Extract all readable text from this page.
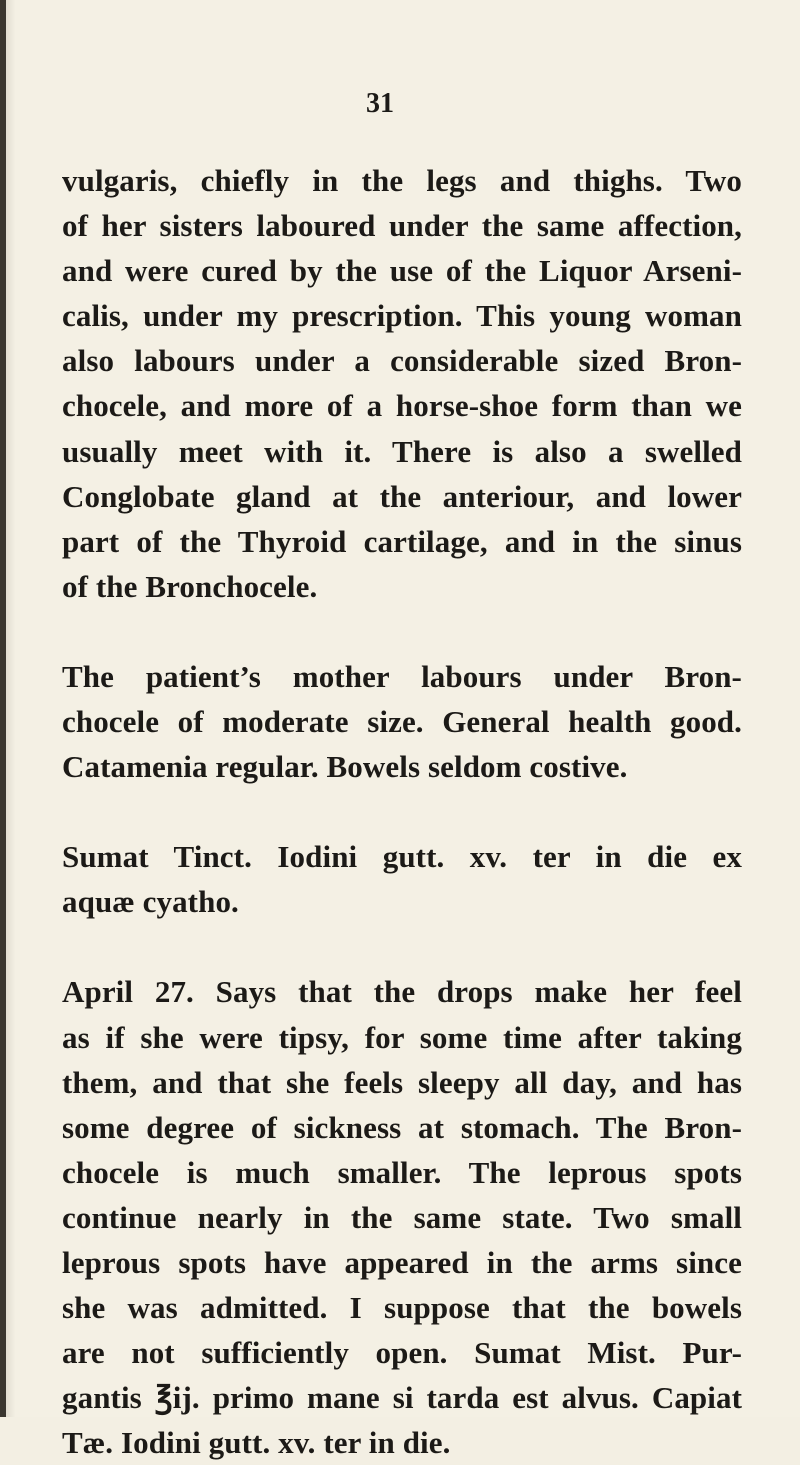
31

vulgaris, chiefly in the legs and thighs. Two
of her sisters laboured under the same affection,
and were cured by the use of the Liquor Arseni-
calis, under my prescription. This young woman
also labours under a considerable sized Bron-
chocele, and more of a horse-shoe form than we
usually meet with it. There is also a swelled
Conglobate gland at the anteriour, and lower
part of the Thyroid cartilage, and in the sinus
of the Bronchocele.

The patient’s mother labours under Bron-
chocele of moderate size. General health good.
Catamenia regular. Bowels seldom costive.

Sumat Tinct. Iodini gutt. xv. ter in die ex
aquæ cyatho.

April 27. Says that the drops make her feel
as if she were tipsy, for some time after taking
them, and that she feels sleepy all day, and has
some degree of sickness at stomach. The Bron-
chocele is much smaller. The leprous spots
continue nearly in the same state. Two small
leprous spots have appeared in the arms since
she was admitted. I suppose that the bowels
are not sufficiently open. Sumat Mist. Pur-
gantis ℥ij. primo mane si tarda est alvus. Capiat
Tæ. Iodini gutt. xv. ter in die.
